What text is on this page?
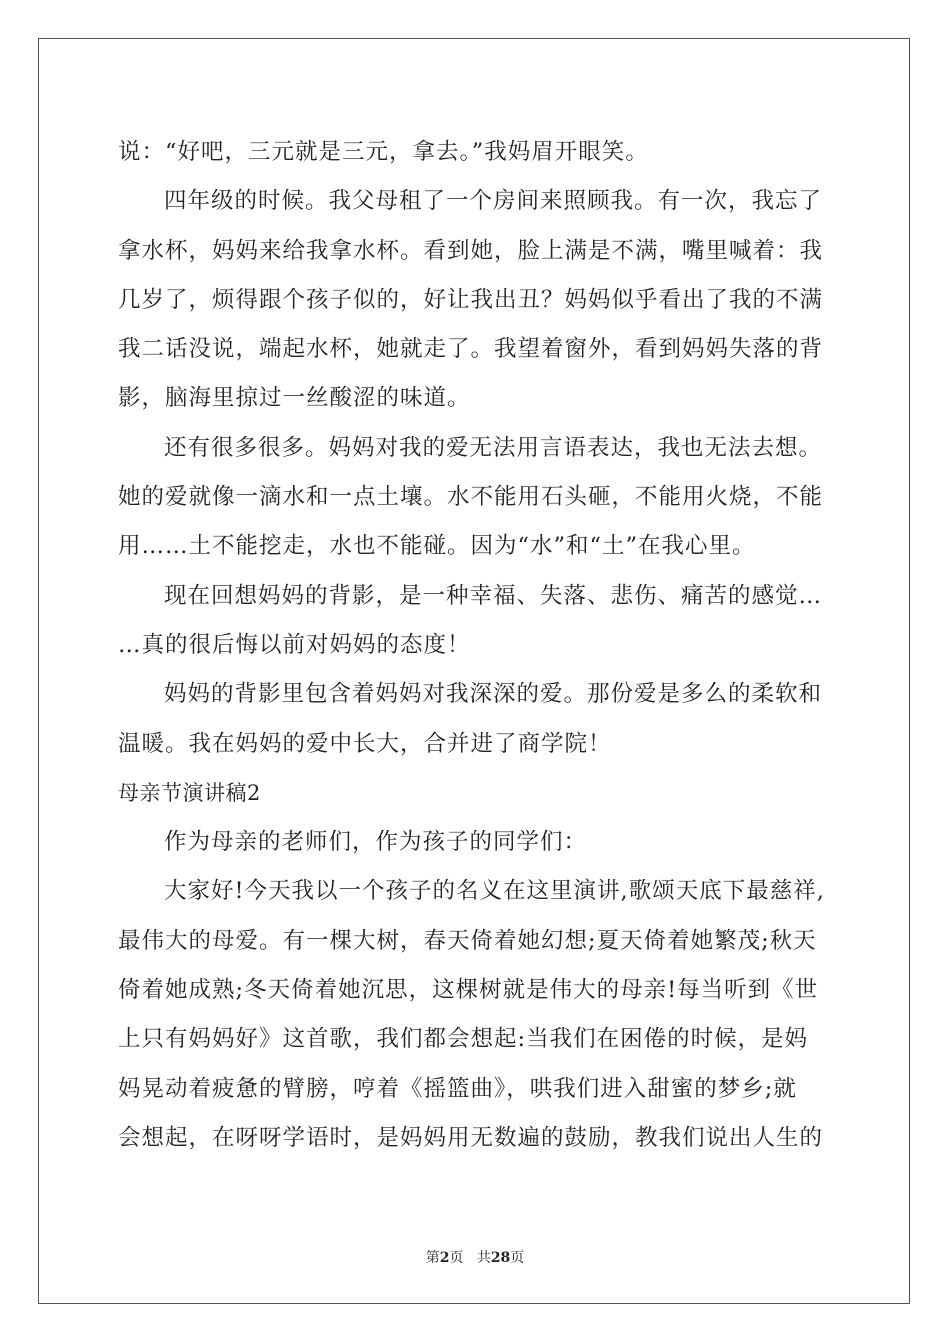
说：“好吧，三元就是三元，拿去。”我妈眉开眼笑。
四年级的时候。我父母租了一个房间来照顾我。有一次，我忘了
拿水杯，妈妈来给我拿水杯。看到她，脸上满是不满，嘴里喊着：我
几岁了，烦得跟个孩子似的，好让我出丑？妈妈似乎看出了我的不满
我二话没说，端起水杯，她就走了。我望着窗外，看到妈妈失落的背
影，脑海里掠过一丝酸涩的味道。
还有很多很多。妈妈对我的爱无法用言语表达，我也无法去想。
她的爱就像一滴水和一点土壤。水不能用石头砸，不能用火烧，不能
用……土不能挖走，水也不能碰。因为“水”和“土”在我心里。
现在回想妈妈的背影，是一种幸福、失落、悲伤、痛苦的感觉…
…真的很后悔以前对妈妈的态度！
妈妈的背影里包含着妈妈对我深深的爱。那份爱是多么的柔软和
温暖。我在妈妈的爱中长大，合并进了商学院！
母亲节演讲稿2
作为母亲的老师们，作为孩子的同学们：
大家好!今天我以一个孩子的名义在这里演讲,歌颂天底下最慈祥,
最伟大的母爱。有一棵大树，春天倚着她幻想;夏天倚着她繁茂;秋天
倚着她成熟;冬天倚着她沉思，这棵树就是伟大的母亲!每当听到《世
上只有妈妈好》这首歌，我们都会想起:当我们在困倦的时候，是妈
妈晃动着疲惫的臂膀，哼着《摇篮曲》，哄我们进入甜蜜的梦乡;就
会想起，在呀呀学语时，是妈妈用无数遍的鼓励，教我们说出人生的
第2页 共28页
